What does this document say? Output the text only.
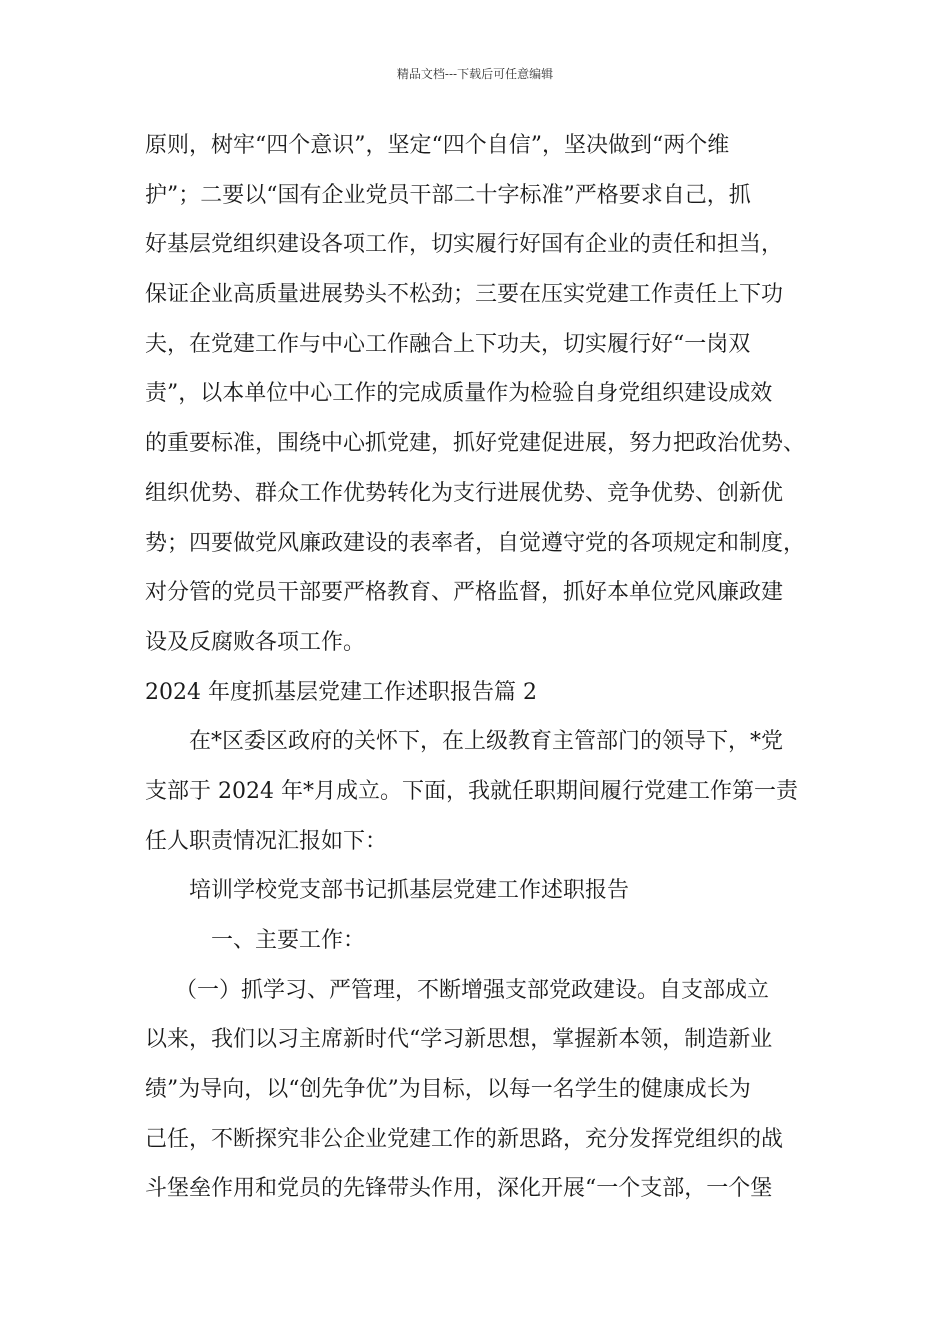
精品文档---下载后可任意编辑
原则，树牢“四个意识”，坚定“四个自信”，坚决做到“两个维
护”；二要以“国有企业党员干部二十字标准”严格要求自己，抓
好基层党组织建设各项工作，切实履行好国有企业的责任和担当，
保证企业高质量进展势头不松劲；三要在压实党建工作责任上下功
夫，在党建工作与中心工作融合上下功夫，切实履行好“一岗双
责”，以本单位中心工作的完成质量作为检验自身党组织建设成效
的重要标准，围绕中心抓党建，抓好党建促进展，努力把政治优势、
组织优势、群众工作优势转化为支行进展优势、竞争优势、创新优
势；四要做党风廉政建设的表率者，自觉遵守党的各项规定和制度，
对分管的党员干部要严格教育、严格监督，抓好本单位党风廉政建
设及反腐败各项工作。
2024 年度抓基层党建工作述职报告篇 2
在*区委区政府的关怀下，在上级教育主管部门的领导下，*党
支部于 2024 年*月成立。下面，我就任职期间履行党建工作第一责
任人职责情况汇报如下：
培训学校党支部书记抓基层党建工作述职报告
一、主要工作：
（一）抓学习、严管理，不断增强支部党政建设。自支部成立
以来，我们以习主席新时代“学习新思想，掌握新本领，制造新业
绩”为导向，以“创先争优”为目标，以每一名学生的健康成长为
己任，不断探究非公企业党建工作的新思路，充分发挥党组织的战
斗堡垒作用和党员的先锋带头作用，深化开展“一个支部，一个堡
